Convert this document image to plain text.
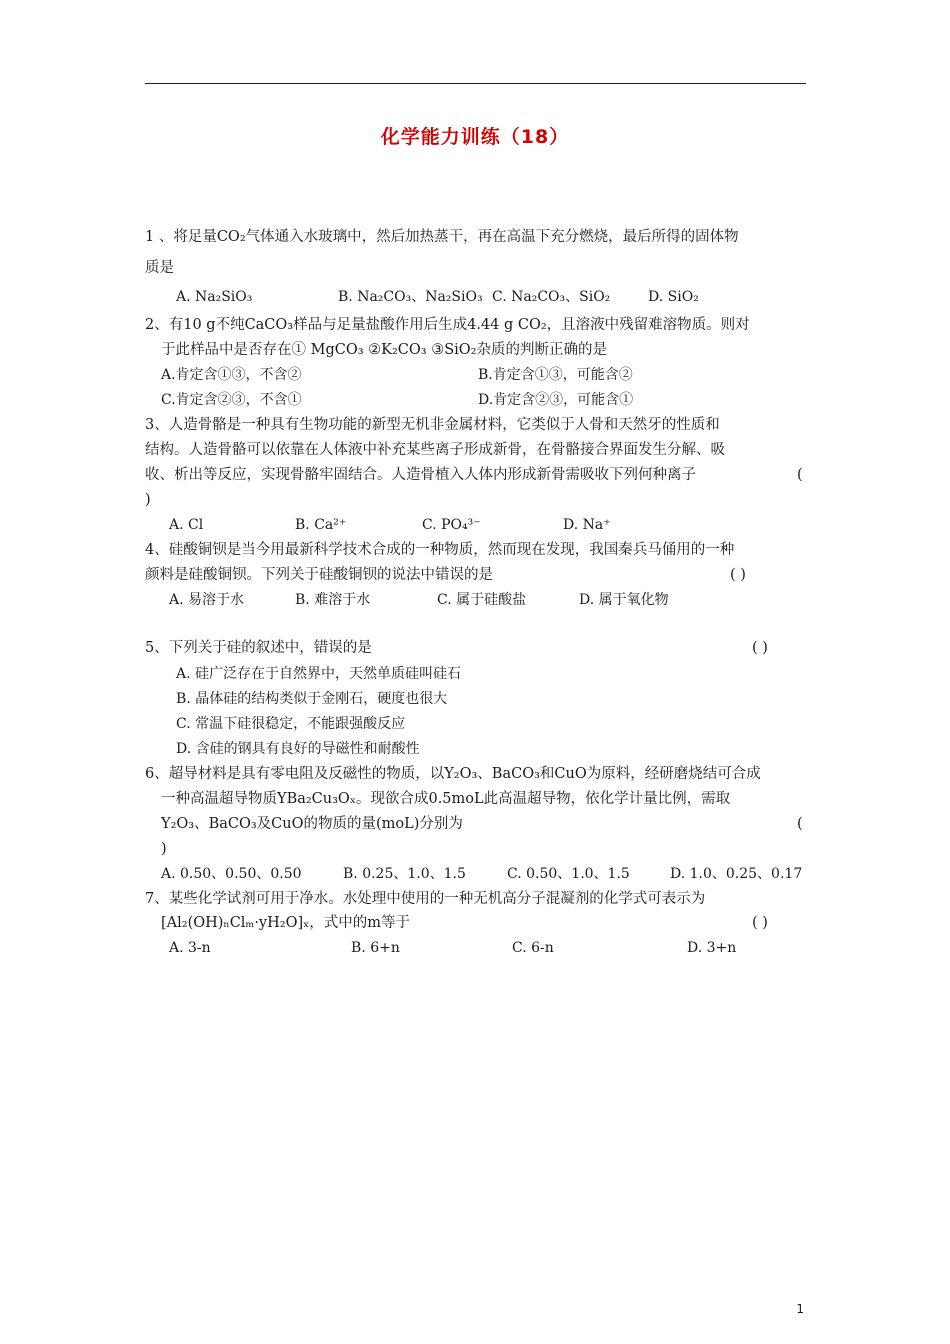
化学能力训练（18）
1 、将足量CO₂气体通入水玻璃中，然后加热蒸干，再在高温下充分燃烧，最后所得的固体物
质是
A. Na₂SiO₃	B. Na₂CO₃、Na₂SiO₃ C. Na₂CO₃、SiO₂	D. SiO₂
2、有10 g不纯CaCO₃样品与足量盐酸作用后生成4.44 g CO₂，且溶液中残留难溶物质。则对
于此样品中是否存在① MgCO₃ ②K₂CO₃ ③SiO₂杂质的判断正确的是
A.肯定含①③，不含②	B.肯定含①③，可能含②
C.肯定含②③，不含①	D.肯定含②③，可能含①
3、人造骨骼是一种具有生物功能的新型无机非金属材料，它类似于人骨和天然牙的性质和
结构。人造骨骼可以依靠在人体液中补充某些离子形成新骨，在骨骼接合界面发生分解、吸
收、析出等反应，实现骨骼牢固结合。人造骨植入人体内形成新骨需吸收下列何种离子	(
)
A. Cl	B. Ca²⁺	C. PO₄³⁻	D. Na⁺
4、硅酸铜钡是当今用最新科学技术合成的一种物质，然而现在发现，我国秦兵马俑用的一种
颜料是硅酸铜钡。下列关于硅酸铜钡的说法中错误的是	( )
A. 易溶于水	B. 难溶于水	C. 属于硅酸盐	D. 属于氧化物
5、下列关于硅的叙述中，错误的是	( )
A. 硅广泛存在于自然界中，天然单质硅叫硅石
B. 晶体硅的结构类似于金刚石，硬度也很大
C. 常温下硅很稳定，不能跟强酸反应
D. 含硅的钢具有良好的导磁性和耐酸性
6、超导材料是具有零电阻及反磁性的物质，以Y₂O₃、BaCO₃和CuO为原料，经研磨烧结可合成
一种高温超导物质YBa₂Cu₃Oₓ。现欲合成0.5moL此高温超导物，依化学计量比例，需取
Y₂O₃、BaCO₃及CuO的物质的量(moL)分别为	(
)
A. 0.50、0.50、0.50	B. 0.25、1.0、1.5	C. 0.50、1.0、1.5	D. 1.0、0.25、0.17
7、某些化学试剂可用于净水。水处理中使用的一种无机高分子混凝剂的化学式可表示为
[Al₂(OH)ₙClₘ·yH₂O]ₓ，式中的m等于	( )
A. 3-n	B. 6+n	C. 6-n	D. 3+n
1
